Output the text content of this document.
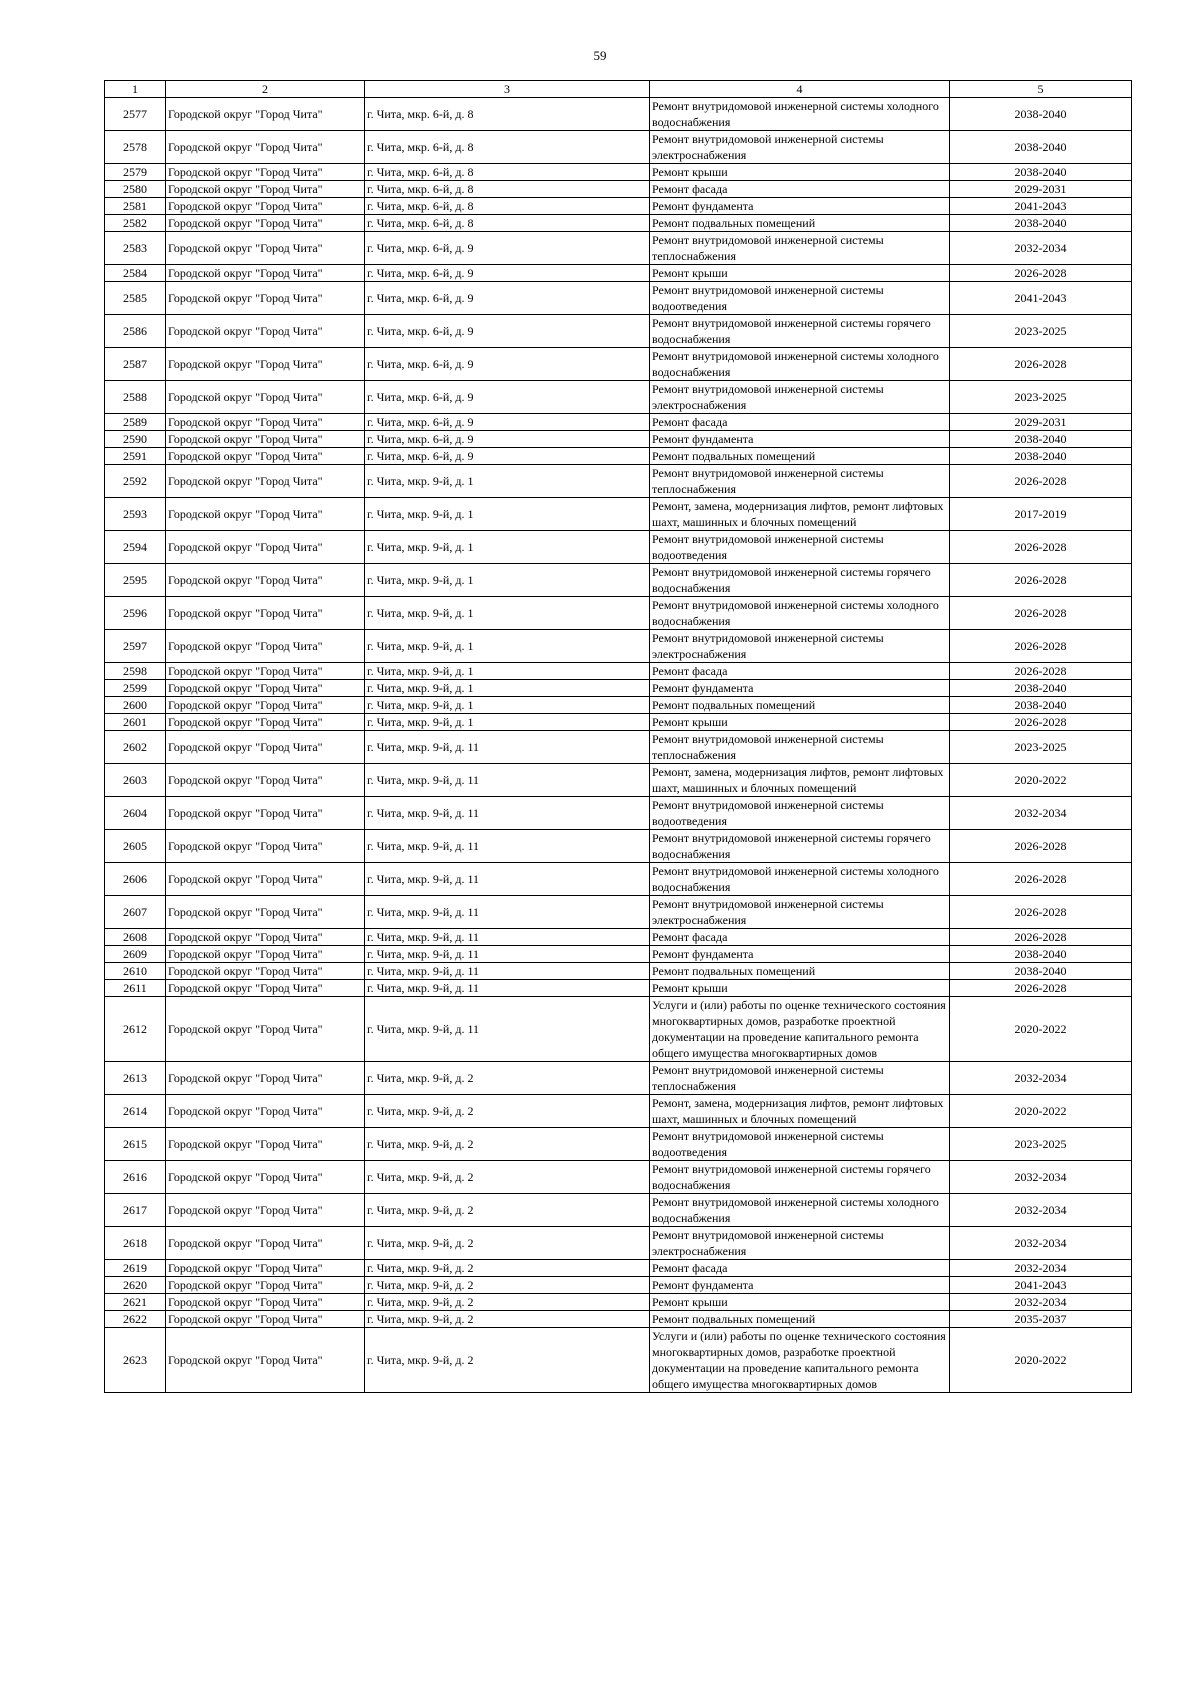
59
1	2	3	4	5
2577	Городской округ "Город Чита"	г. Чита, мкр. 6-й, д. 8	Ремонт внутридомовой инженерной системы холодного водоснабжения	2038-2040
2578	Городской округ "Город Чита"	г. Чита, мкр. 6-й, д. 8	Ремонт внутридомовой инженерной системы электроснабжения	2038-2040
2579	Городской округ "Город Чита"	г. Чита, мкр. 6-й, д. 8	Ремонт крыши	2038-2040
2580	Городской округ "Город Чита"	г. Чита, мкр. 6-й, д. 8	Ремонт фасада	2029-2031
2581	Городской округ "Город Чита"	г. Чита, мкр. 6-й, д. 8	Ремонт фундамента	2041-2043
2582	Городской округ "Город Чита"	г. Чита, мкр. 6-й, д. 8	Ремонт подвальных помещений	2038-2040
2583	Городской округ "Город Чита"	г. Чита, мкр. 6-й, д. 9	Ремонт внутридомовой инженерной системы теплоснабжения	2032-2034
2584	Городской округ "Город Чита"	г. Чита, мкр. 6-й, д. 9	Ремонт крыши	2026-2028
2585	Городской округ "Город Чита"	г. Чита, мкр. 6-й, д. 9	Ремонт внутридомовой инженерной системы водоотведения	2041-2043
2586	Городской округ "Город Чита"	г. Чита, мкр. 6-й, д. 9	Ремонт внутридомовой инженерной системы горячего водоснабжения	2023-2025
2587	Городской округ "Город Чита"	г. Чита, мкр. 6-й, д. 9	Ремонт внутридомовой инженерной системы холодного водоснабжения	2026-2028
2588	Городской округ "Город Чита"	г. Чита, мкр. 6-й, д. 9	Ремонт внутридомовой инженерной системы электроснабжения	2023-2025
2589	Городской округ "Город Чита"	г. Чита, мкр. 6-й, д. 9	Ремонт фасада	2029-2031
2590	Городской округ "Город Чита"	г. Чита, мкр. 6-й, д. 9	Ремонт фундамента	2038-2040
2591	Городской округ "Город Чита"	г. Чита, мкр. 6-й, д. 9	Ремонт подвальных помещений	2038-2040
2592	Городской округ "Город Чита"	г. Чита, мкр. 9-й, д. 1	Ремонт внутридомовой инженерной системы теплоснабжения	2026-2028
2593	Городской округ "Город Чита"	г. Чита, мкр. 9-й, д. 1	Ремонт, замена, модернизация лифтов, ремонт лифтовых шахт, машинных и блочных помещений	2017-2019
2594	Городской округ "Город Чита"	г. Чита, мкр. 9-й, д. 1	Ремонт внутридомовой инженерной системы водоотведения	2026-2028
2595	Городской округ "Город Чита"	г. Чита, мкр. 9-й, д. 1	Ремонт внутридомовой инженерной системы горячего водоснабжения	2026-2028
2596	Городской округ "Город Чита"	г. Чита, мкр. 9-й, д. 1	Ремонт внутридомовой инженерной системы холодного водоснабжения	2026-2028
2597	Городской округ "Город Чита"	г. Чита, мкр. 9-й, д. 1	Ремонт внутридомовой инженерной системы электроснабжения	2026-2028
2598	Городской округ "Город Чита"	г. Чита, мкр. 9-й, д. 1	Ремонт фасада	2026-2028
2599	Городской округ "Город Чита"	г. Чита, мкр. 9-й, д. 1	Ремонт фундамента	2038-2040
2600	Городской округ "Город Чита"	г. Чита, мкр. 9-й, д. 1	Ремонт подвальных помещений	2038-2040
2601	Городской округ "Город Чита"	г. Чита, мкр. 9-й, д. 1	Ремонт крыши	2026-2028
2602	Городской округ "Город Чита"	г. Чита, мкр. 9-й, д. 11	Ремонт внутридомовой инженерной системы теплоснабжения	2023-2025
2603	Городской округ "Город Чита"	г. Чита, мкр. 9-й, д. 11	Ремонт, замена, модернизация лифтов, ремонт лифтовых шахт, машинных и блочных помещений	2020-2022
2604	Городской округ "Город Чита"	г. Чита, мкр. 9-й, д. 11	Ремонт внутридомовой инженерной системы водоотведения	2032-2034
2605	Городской округ "Город Чита"	г. Чита, мкр. 9-й, д. 11	Ремонт внутридомовой инженерной системы горячего водоснабжения	2026-2028
2606	Городской округ "Город Чита"	г. Чита, мкр. 9-й, д. 11	Ремонт внутридомовой инженерной системы холодного водоснабжения	2026-2028
2607	Городской округ "Город Чита"	г. Чита, мкр. 9-й, д. 11	Ремонт внутридомовой инженерной системы электроснабжения	2026-2028
2608	Городской округ "Город Чита"	г. Чита, мкр. 9-й, д. 11	Ремонт фасада	2026-2028
2609	Городской округ "Город Чита"	г. Чита, мкр. 9-й, д. 11	Ремонт фундамента	2038-2040
2610	Городской округ "Город Чита"	г. Чита, мкр. 9-й, д. 11	Ремонт подвальных помещений	2038-2040
2611	Городской округ "Город Чита"	г. Чита, мкр. 9-й, д. 11	Ремонт крыши	2026-2028
2612	Городской округ "Город Чита"	г. Чита, мкр. 9-й, д. 11	Услуги и (или) работы по оценке технического состояния многоквартирных домов, разработке проектной документации на проведение капитального ремонта общего имущества многоквартирных домов	2020-2022
2613	Городской округ "Город Чита"	г. Чита, мкр. 9-й, д. 2	Ремонт внутридомовой инженерной системы теплоснабжения	2032-2034
2614	Городской округ "Город Чита"	г. Чита, мкр. 9-й, д. 2	Ремонт, замена, модернизация лифтов, ремонт лифтовых шахт, машинных и блочных помещений	2020-2022
2615	Городской округ "Город Чита"	г. Чита, мкр. 9-й, д. 2	Ремонт внутридомовой инженерной системы водоотведения	2023-2025
2616	Городской округ "Город Чита"	г. Чита, мкр. 9-й, д. 2	Ремонт внутридомовой инженерной системы горячего водоснабжения	2032-2034
2617	Городской округ "Город Чита"	г. Чита, мкр. 9-й, д. 2	Ремонт внутридомовой инженерной системы холодного водоснабжения	2032-2034
2618	Городской округ "Город Чита"	г. Чита, мкр. 9-й, д. 2	Ремонт внутридомовой инженерной системы электроснабжения	2032-2034
2619	Городской округ "Город Чита"	г. Чита, мкр. 9-й, д. 2	Ремонт фасада	2032-2034
2620	Городской округ "Город Чита"	г. Чита, мкр. 9-й, д. 2	Ремонт фундамента	2041-2043
2621	Городской округ "Город Чита"	г. Чита, мкр. 9-й, д. 2	Ремонт крыши	2032-2034
2622	Городской округ "Город Чита"	г. Чита, мкр. 9-й, д. 2	Ремонт подвальных помещений	2035-2037
2623	Городской округ "Город Чита"	г. Чита, мкр. 9-й, д. 2	Услуги и (или) работы по оценке технического состояния многоквартирных домов, разработке проектной документации на проведение капитального ремонта общего имущества многоквартирных домов	2020-2022
